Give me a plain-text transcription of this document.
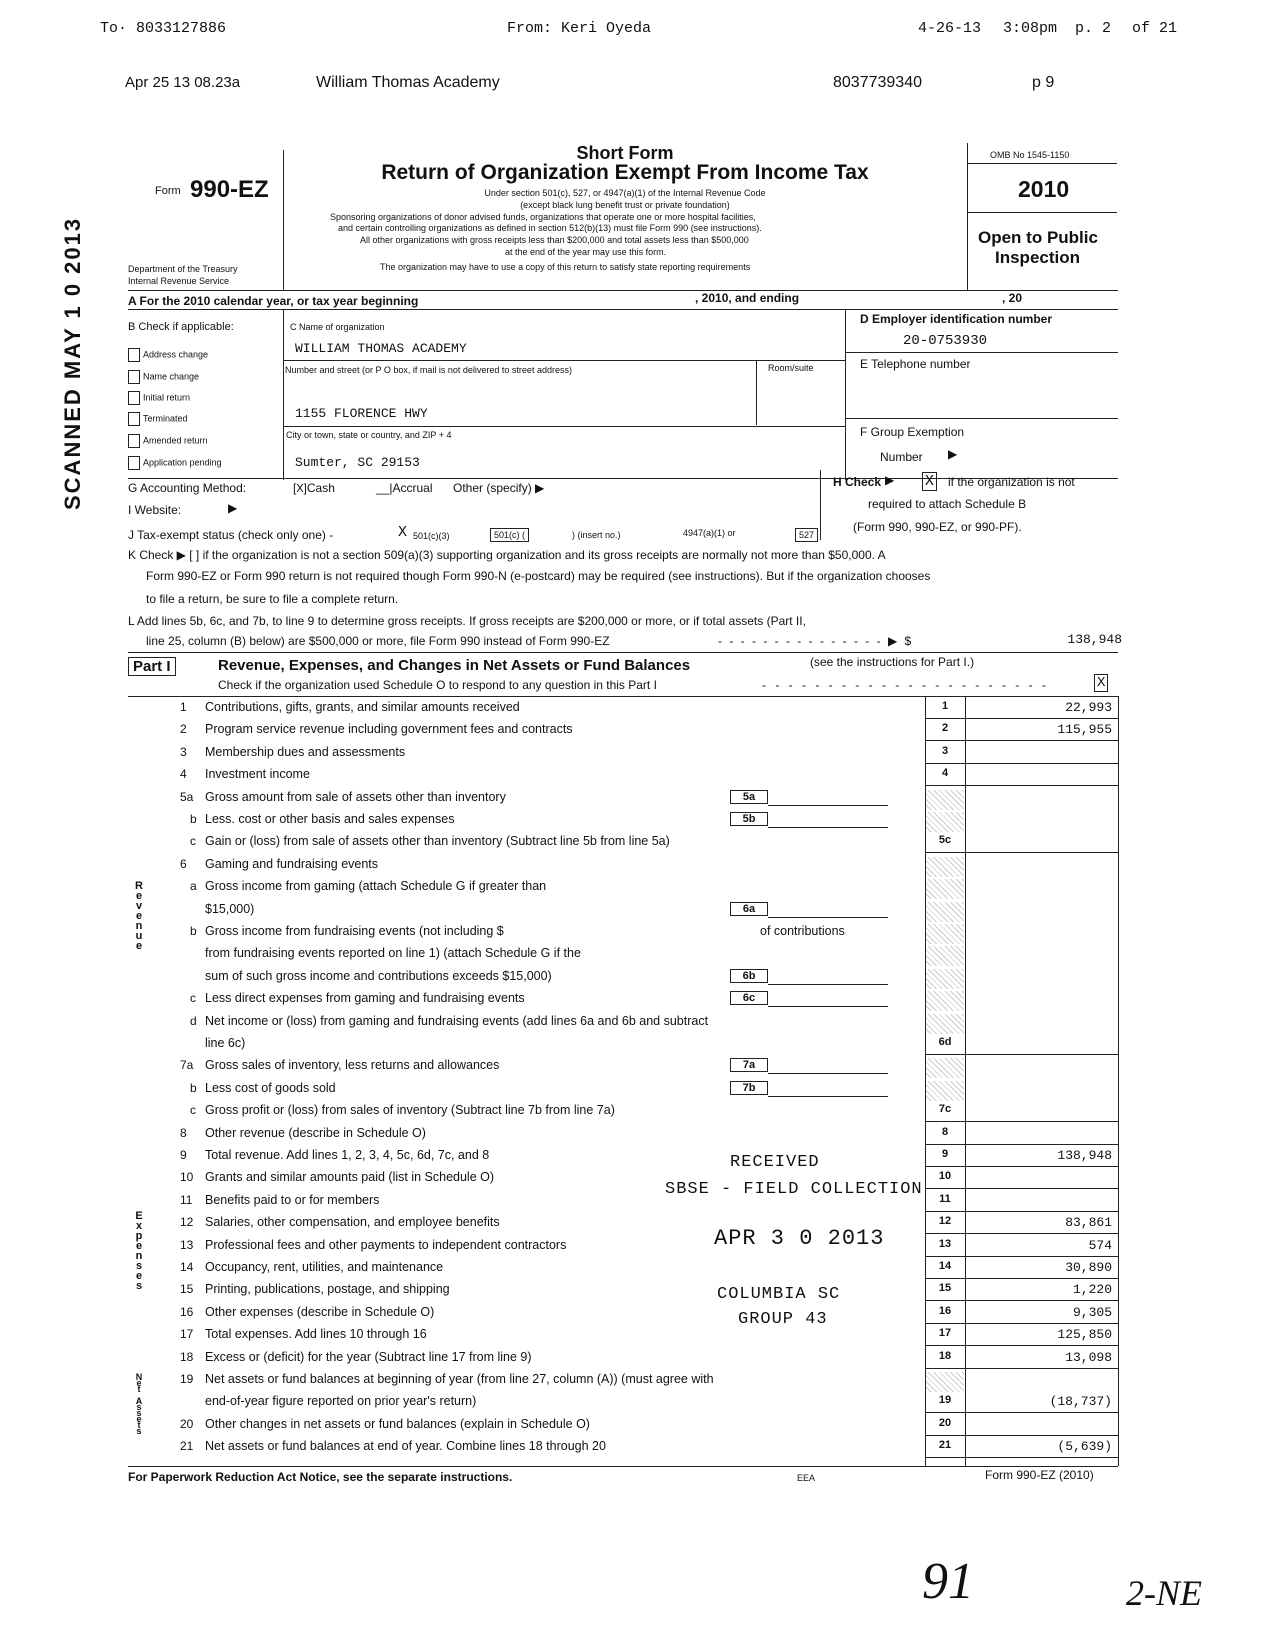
To· 8033127886	From: Keri Oyeda	4-26-13 3:08pm p. 2 of 21
Apr 25 13 08.23a	William Thomas Academy	8037739340	p 9
SCANNED MAY 1 0 2013
Form 990-EZ
Department of the Treasury
Internal Revenue Service
Short Form
Return of Organization Exempt From Income Tax
Under section 501(c), 527, or 4947(a)(1) of the Internal Revenue Code
(except black lung benefit trust or private foundation)
Sponsoring organizations of donor advised funds, organizations that operate one or more hospital facilities,
and certain controlling organizations as defined in section 512(b)(13) must file Form 990 (see instructions).
All other organizations with gross receipts less than $200,000 and total assets less than $500,000
at the end of the year may use this form.
The organization may have to use a copy of this return to satisfy state reporting requirements
OMB No 1545-1150
2010
Open to Public
Inspection
A For the 2010 calendar year, or tax year beginning	, 2010, and ending	, 20
B Check if applicable:
Address change
Name change
Initial return
Terminated
Amended return
Application pending
C Name of organization
WILLIAM THOMAS ACADEMY
Number and street (or P O box, if mail is not delivered to street address)	Room/suite
1155 FLORENCE HWY
City or town, state or country, and ZIP + 4
Sumter, SC 29153
D Employer identification number
20-0753930
E Telephone number
F Group Exemption
Number ▶
G Accounting Method:	[X]Cash	__|Accrual Other (specify) ▶
I Website:	▶
H Check ▶ X if the organization is not
required to attach Schedule B
(Form 990, 990-EZ, or 990-PF).
J Tax-exempt status (check only one) -	X 501(c)(3)	501(c) (	) (insert no.)	4947(a)(1) or	527
K Check ▶ [ ] if the organization is not a section 509(a)(3) supporting organization and its gross receipts are normally not more than $50,000. A
Form 990-EZ or Form 990 return is not required though Form 990-N (e-postcard) may be required (see instructions). But if the organization chooses
to file a return, be sure to file a complete return.
L Add lines 5b, 6c, and 7b, to line 9 to determine gross receipts. If gross receipts are $200,000 or more, or if total assets (Part II,
line 25, column (B) below) are $500,000 or more, file Form 990 instead of Form 990-EZ	- - - - - - - - - - - - - - - ▶ $	138,948
Part I	Revenue, Expenses, and Changes in Net Assets or Fund Balances	(see the instructions for Part I.)
Check if the organization used Schedule O to respond to any question in this Part I	- - - - - - - - - - - - - - - - - - - - - -	X
Revenue
Expenses
Net Assets
1	Contributions, gifts, grants, and similar amounts received	1	22,993
2	Program service revenue including government fees and contracts	2	115,955
3	Membership dues and assessments	3
4	Investment income	4
5a Gross amount from sale of assets other than inventory	5a
b Less. cost or other basis and sales expenses	5b
c Gain or (loss) from sale of assets other than inventory (Subtract line 5b from line 5a)	5c
6	Gaming and fundraising events
a Gross income from gaming (attach Schedule G if greater than
$15,000)	6a
b Gross income from fundraising events (not including $	of contributions
from fundraising events reported on line 1) (attach Schedule G if the
sum of such gross income and contributions exceeds $15,000)	6b
c Less direct expenses from gaming and fundraising events	6c
d Net income or (loss) from gaming and fundraising events (add lines 6a and 6b and subtract
line 6c)	6d
7a Gross sales of inventory, less returns and allowances	7a
b Less cost of goods sold	7b
c Gross profit or (loss) from sales of inventory (Subtract line 7b from line 7a)	7c
8	Other revenue (describe in Schedule O)	8
9	Total revenue. Add lines 1, 2, 3, 4, 5c, 6d, 7c, and 8	9	138,948
10 Grants and similar amounts paid (list in Schedule O)	10
11	Benefits paid to or for members	11
12 Salaries, other compensation, and employee benefits	12	83,861
13 Professional fees and other payments to independent contractors	13	574
14 Occupancy, rent, utilities, and maintenance	14	30,890
15 Printing, publications, postage, and shipping	15	1,220
16 Other expenses (describe in Schedule O)	16	9,305
17 Total expenses. Add lines 10 through 16	17	125,850
18 Excess or (deficit) for the year (Subtract line 17 from line 9)	18	13,098
19 Net assets or fund balances at beginning of year (from line 27, column (A)) (must agree with
end-of-year figure reported on prior year's return)	19	(18,737)
20 Other changes in net assets or fund balances (explain in Schedule O)	20
21 Net assets or fund balances at end of year. Combine lines 18 through 20	21	(5,639)
RECEIVED
SBSE - FIELD COLLECTION
APR 3 0 2013
COLUMBIA SC
GROUP 43
For Paperwork Reduction Act Notice, see the separate instructions.	EEA	Form 990-EZ (2010)
91	2-NE
